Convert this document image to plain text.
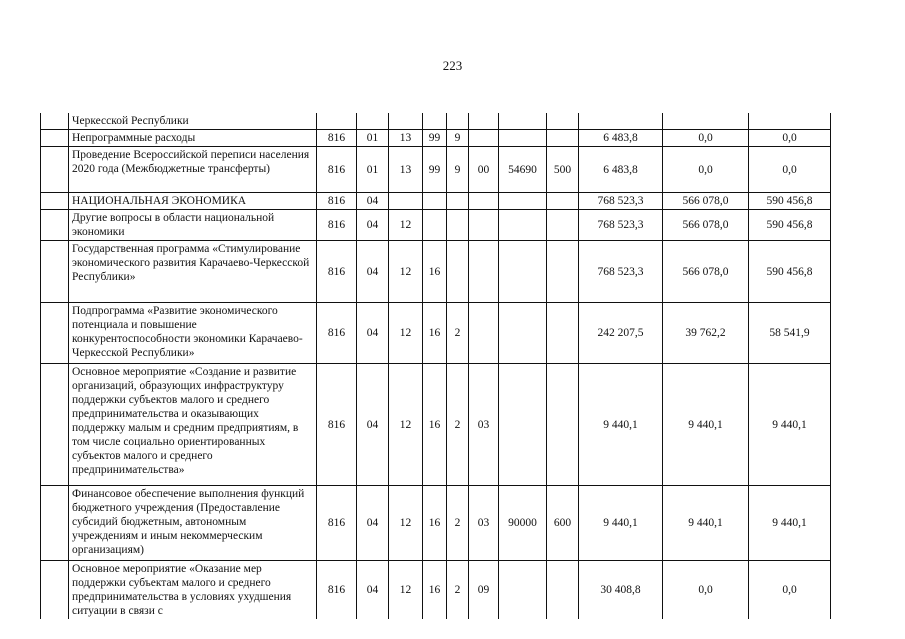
223
	Черкесской Республики											
	Непрограммные расходы	816	01	13	99	9				6 483,8	0,0	0,0
	Проведение Всероссийской переписи населения 2020 года (Межбюджетные трансферты)	816	01	13	99	9	00	54690	500	6 483,8	0,0	0,0
	НАЦИОНАЛЬНАЯ ЭКОНОМИКА	816	04							768 523,3	566 078,0	590 456,8
	Другие вопросы в области национальной экономики	816	04	12						768 523,3	566 078,0	590 456,8
	Государственная программа «Стимулирование экономического развития Карачаево-Черкесской Республики»	816	04	12	16					768 523,3	566 078,0	590 456,8
	Подпрограмма «Развитие экономического потенциала и повышение конкурентоспособности экономики Карачаево-Черкесской Республики»	816	04	12	16	2				242 207,5	39 762,2	58 541,9
	Основное мероприятие «Создание и развитие организаций, образующих инфраструктуру поддержки субъектов малого и среднего предпринимательства и оказывающих поддержку малым и средним предприятиям, в том числе социально ориентированных субъектов малого и среднего предпринимательства»	816	04	12	16	2	03			9 440,1	9 440,1	9 440,1
	Финансовое обеспечение выполнения функций бюджетного учреждения (Предоставление субсидий бюджетным, автономным учреждениям и иным некоммерческим организациям)	816	04	12	16	2	03	90000	600	9 440,1	9 440,1	9 440,1
	Основное мероприятие «Оказание мер поддержки субъектам малого и среднего предпринимательства в условиях ухудшения ситуации в связи с	816	04	12	16	2	09			30 408,8	0,0	0,0
